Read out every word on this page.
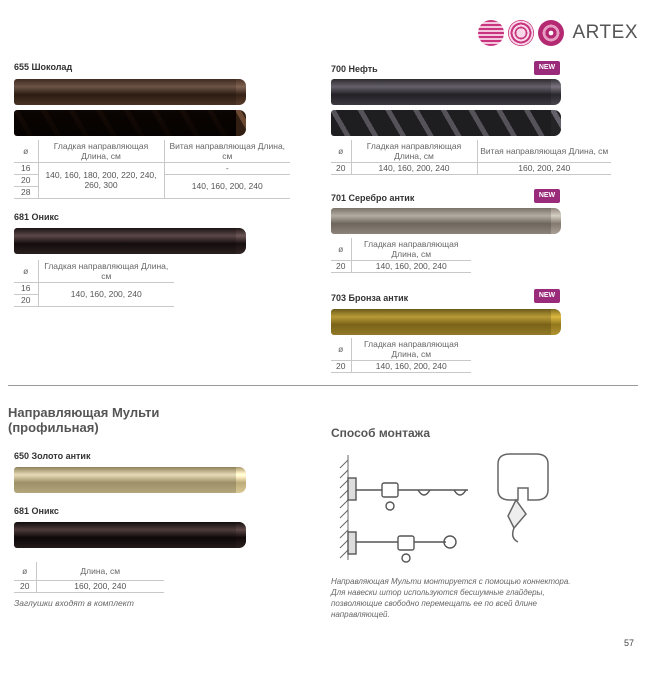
ARTEX
655 Шоколад
ø	Гладкая направляющая Длина, см	Витая направляющая Длина, см
16	140, 160, 180, 200, 220, 240, 260, 300	-
20		140, 160, 200, 240
28		
681 Оникс
ø	Гладкая направляющая Длина, см
16	140, 160, 200, 240
20	
700 Нефть	NEW
ø	Гладкая направляющая Длина, см	Витая направляющая Длина, см
20	140, 160, 200, 240	160, 200, 240
701 Серебро антик	NEW
ø	Гладкая направляющая Длина, см
20	140, 160, 200, 240
703 Бронза антик	NEW
ø	Гладкая направляющая Длина, см
20	140, 160, 200, 240
Направляющая Мульти
(профильная)
650 Золото антик
681 Оникс
ø	Длина, см
20	160, 200, 240
Заглушки входят в комплект
Способ монтажа
Направляющая Мульти монтируется с помощью коннектора. Для навески штор используются бесшумные глайдеры, позволяющие свободно перемещать ее по всей длине направляющей.
57
